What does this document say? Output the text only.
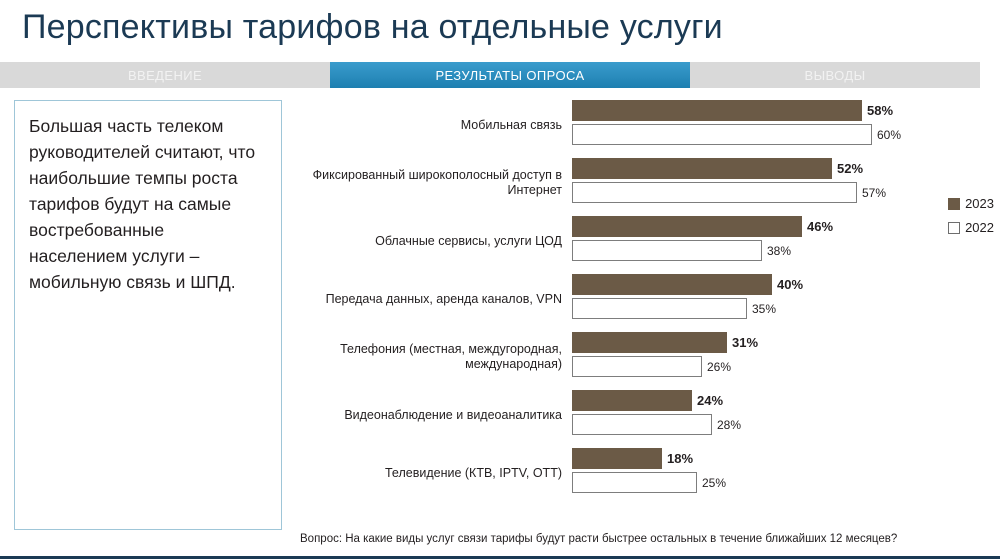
Перспективы тарифов на отдельные услуги
ВВЕДЕНИЕ	РЕЗУЛЬТАТЫ ОПРОСА	ВЫВОДЫ

Большая часть телеком руководителей считают, что наибольшие темпы роста тарифов будут на самые востребованные населением услуги – мобильную связь и ШПД.

Мобильная связь
58%
60%
Фиксированный широкополосный доступ в Интернет
52%
57%
Облачные сервисы, услуги ЦОД
46%
38%
Передача данных, аренда каналов, VPN
40%
35%
Телефония (местная, междугородная, международная)
31%
26%
Видеонаблюдение и видеоаналитика
24%
28%
Телевидение (КТВ, IPTV, OTT)
18%
25%
2023
2022
Вопрос: На какие виды услуг связи тарифы будут расти быстрее остальных в течение ближайших 12 месяцев?
